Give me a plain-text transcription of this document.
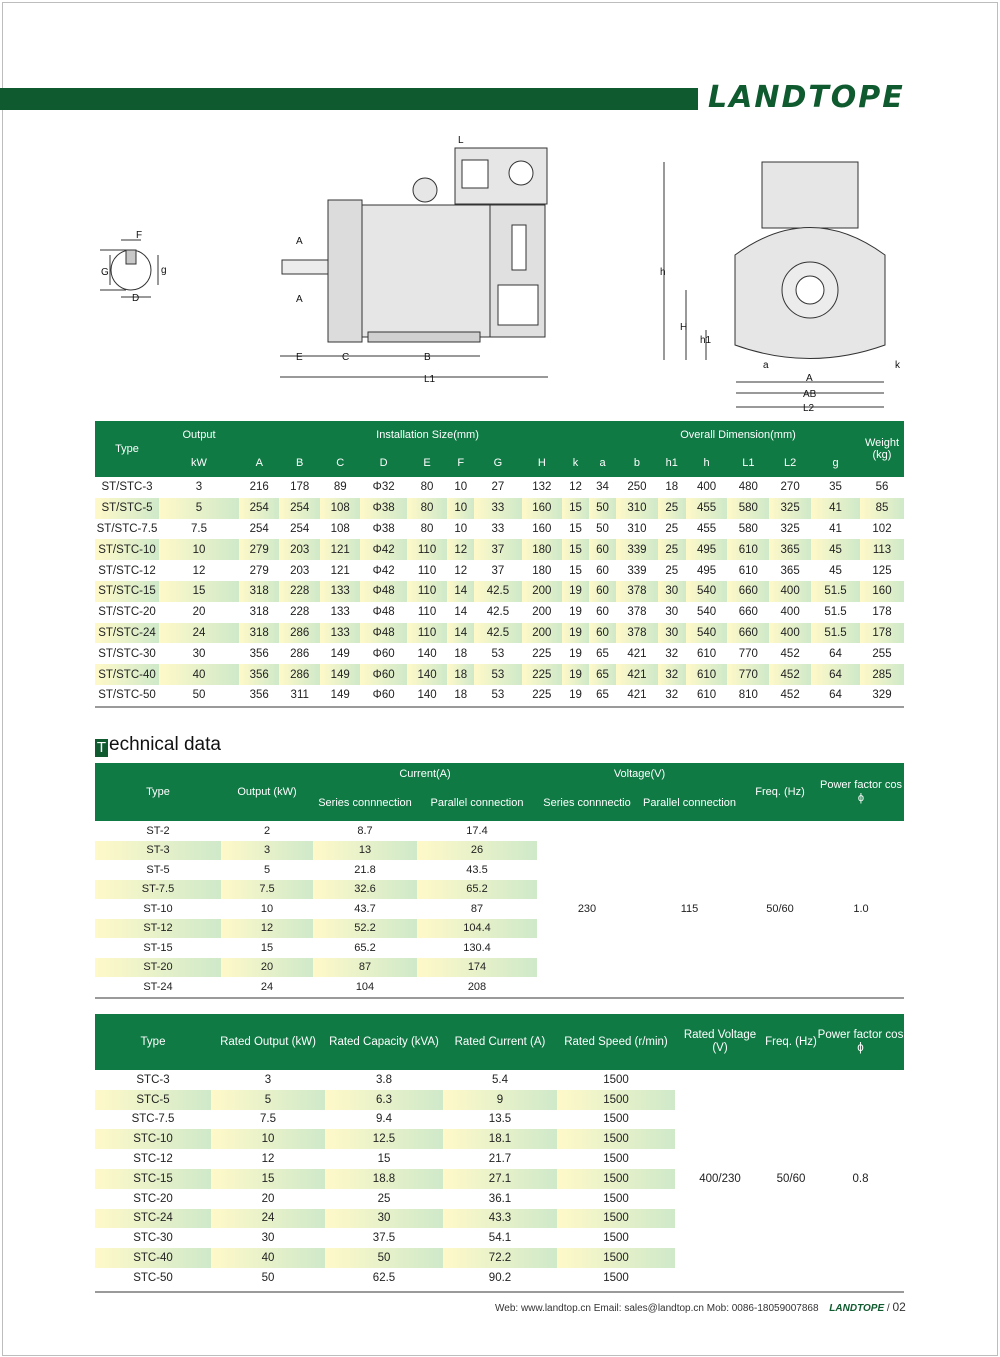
LANDTOPE
F
G	g
D
L
A
A
E	C	B
L1
h
H
h1
a
A
AB
L2
k
Type	Output	Installation Size(mm)										Overall Dimension(mm)						Weight (kg)
	kW	A	B	C	D	E	F	G	H	k	a	b	h1	h	L1	L2	g	
ST/STC-3	3	216	178	89	Φ32	80	10	27	132	12	34	250	18	400	480	270	35	56
ST/STC-5	5	254	254	108	Φ38	80	10	33	160	15	50	310	25	455	580	325	41	85
ST/STC-7.5	7.5	254	254	108	Φ38	80	10	33	160	15	50	310	25	455	580	325	41	102
ST/STC-10	10	279	203	121	Φ42	110	12	37	180	15	60	339	25	495	610	365	45	113
ST/STC-12	12	279	203	121	Φ42	110	12	37	180	15	60	339	25	495	610	365	45	125
ST/STC-15	15	318	228	133	Φ48	110	14	42.5	200	19	60	378	30	540	660	400	51.5	160
ST/STC-20	20	318	228	133	Φ48	110	14	42.5	200	19	60	378	30	540	660	400	51.5	178
ST/STC-24	24	318	286	133	Φ48	110	14	42.5	200	19	60	378	30	540	660	400	51.5	178
ST/STC-30	30	356	286	149	Φ60	140	18	53	225	19	65	421	32	610	770	452	64	255
ST/STC-40	40	356	286	149	Φ60	140	18	53	225	19	65	421	32	610	770	452	64	285
ST/STC-50	50	356	311	149	Φ60	140	18	53	225	19	65	421	32	610	810	452	64	329
T echnical data
Type	Output (kW)	Current(A)		Voltage(V)		Freq. (Hz)	Power factor cos ϕ
		Series connnection	Parallel connection	Series connnectio	Parallel connection		
ST-2	2	8.7	17.4	230	115	50/60	1.0
ST-3	3	13	26				
ST-5	5	21.8	43.5				
ST-7.5	7.5	32.6	65.2				
ST-10	10	43.7	87				
ST-12	12	52.2	104.4				
ST-15	15	65.2	130.4				
ST-20	20	87	174				
ST-24	24	104	208				
Type	Rated Output (kW)	Rated Capacity (kVA)	Rated Current (A)	Rated Speed (r/min)	Rated Voltage (V)	Freq. (Hz)	Power factor cos ϕ
STC-3	3	3.8	5.4	1500	400/230	50/60	0.8
STC-5	5	6.3	9	1500			
STC-7.5	7.5	9.4	13.5	1500			
STC-10	10	12.5	18.1	1500			
STC-12	12	15	21.7	1500			
STC-15	15	18.8	27.1	1500			
STC-20	20	25	36.1	1500			
STC-24	24	30	43.3	1500			
STC-30	30	37.5	54.1	1500			
STC-40	40	50	72.2	1500			
STC-50	50	62.5	90.2	1500			
Web: www.landtop.cn Email: sales@landtop.cn Mob: 0086-18059007868 LANDTOPE / 02
